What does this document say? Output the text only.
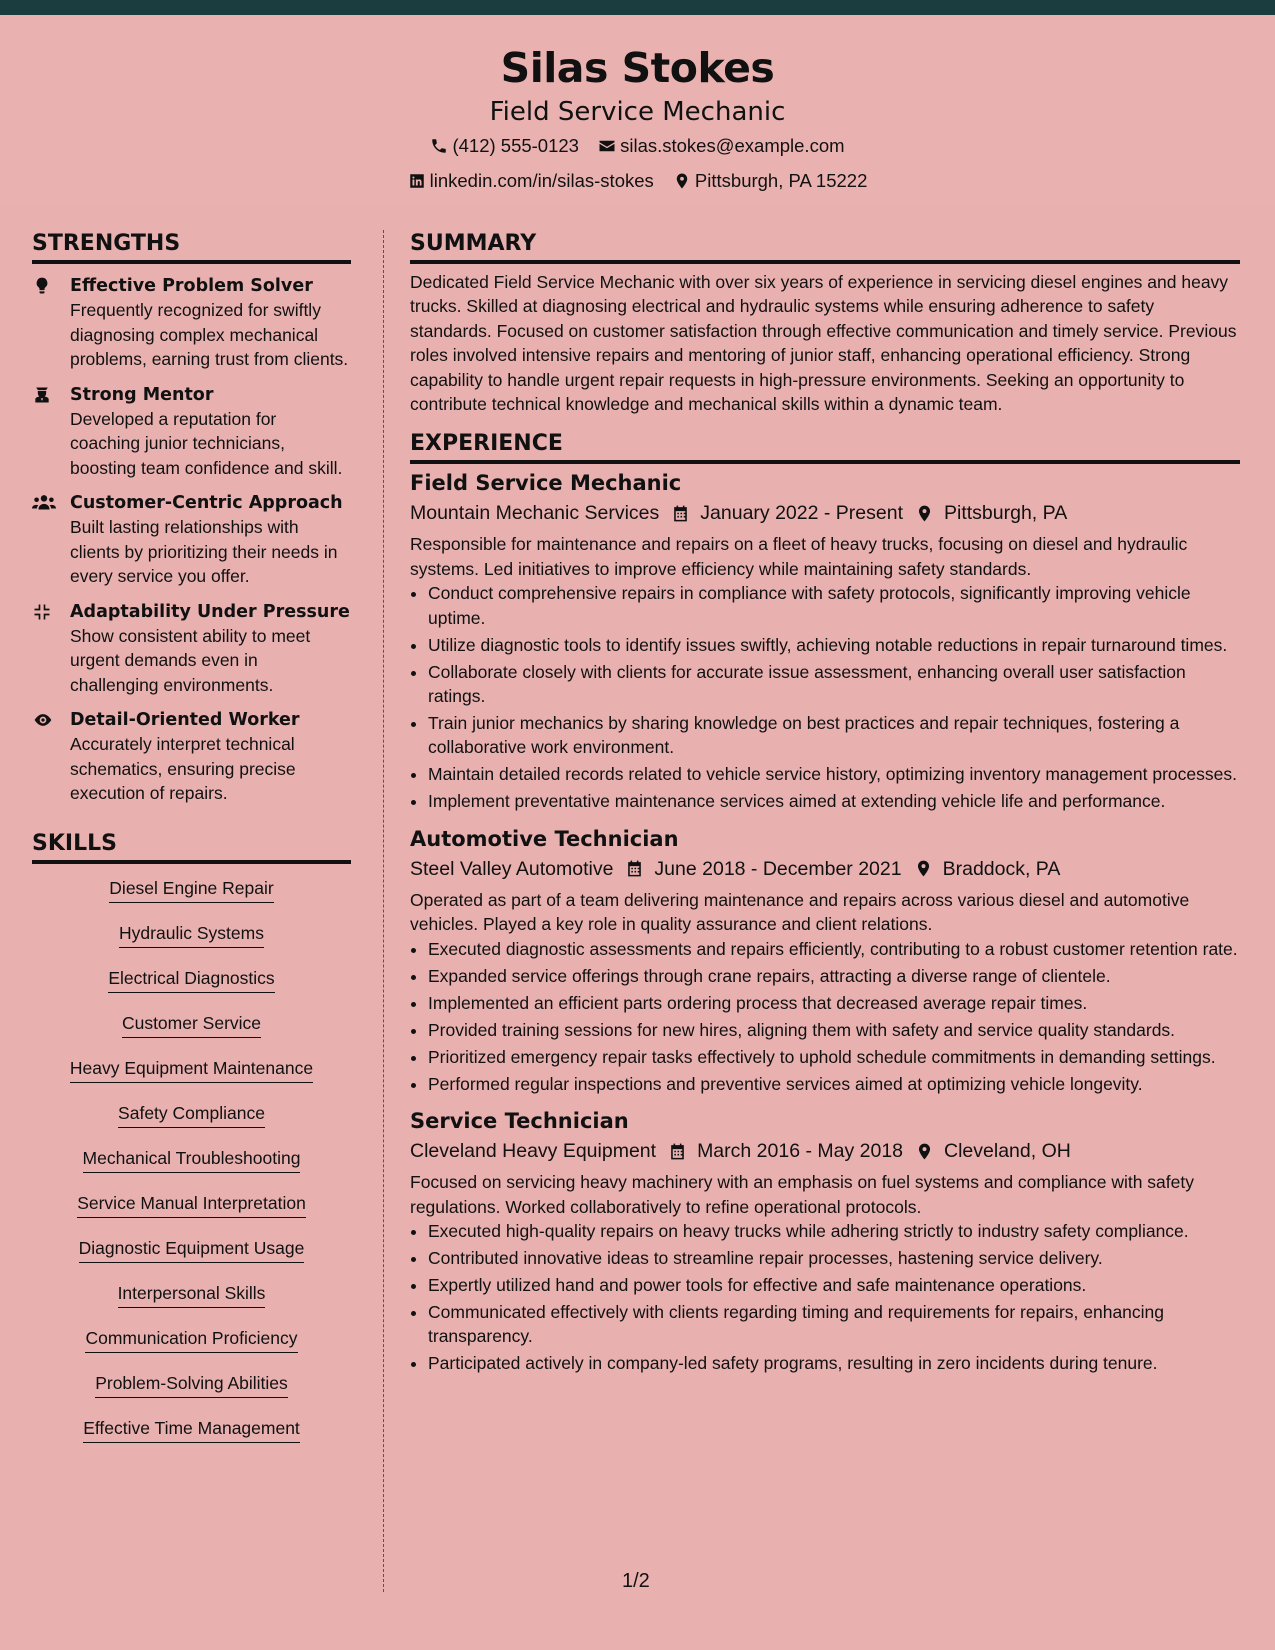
Silas Stokes
Field Service Mechanic
(412) 555-0123
silas.stokes@example.com
linkedin.com/in/silas-stokes
Pittsburgh, PA 15222
STRENGTHS
Effective Problem Solver
Frequently recognized for swiftly diagnosing complex mechanical problems, earning trust from clients.
Strong Mentor
Developed a reputation for coaching junior technicians, boosting team confidence and skill.
Customer-Centric Approach
Built lasting relationships with clients by prioritizing their needs in every service you offer.
Adaptability Under Pressure
Show consistent ability to meet urgent demands even in challenging environments.
Detail-Oriented Worker
Accurately interpret technical schematics, ensuring precise execution of repairs.
SKILLS
Diesel Engine Repair
Hydraulic Systems
Electrical Diagnostics
Customer Service
Heavy Equipment Maintenance
Safety Compliance
Mechanical Troubleshooting
Service Manual Interpretation
Diagnostic Equipment Usage
Interpersonal Skills
Communication Proficiency
Problem-Solving Abilities
Effective Time Management
SUMMARY
Dedicated Field Service Mechanic with over six years of experience in servicing diesel engines and heavy trucks. Skilled at diagnosing electrical and hydraulic systems while ensuring adherence to safety standards. Focused on customer satisfaction through effective communication and timely service. Previous roles involved intensive repairs and mentoring of junior staff, enhancing operational efficiency. Strong capability to handle urgent repair requests in high-pressure environments. Seeking an opportunity to contribute technical knowledge and mechanical skills within a dynamic team.
EXPERIENCE
Field Service Mechanic
Mountain Mechanic Services January 2022 - Present Pittsburgh, PA
Responsible for maintenance and repairs on a fleet of heavy trucks, focusing on diesel and hydraulic systems. Led initiatives to improve efficiency while maintaining safety standards.
• Conduct comprehensive repairs in compliance with safety protocols, significantly improving vehicle uptime.
• Utilize diagnostic tools to identify issues swiftly, achieving notable reductions in repair turnaround times.
• Collaborate closely with clients for accurate issue assessment, enhancing overall user satisfaction ratings.
• Train junior mechanics by sharing knowledge on best practices and repair techniques, fostering a collaborative work environment.
• Maintain detailed records related to vehicle service history, optimizing inventory management processes.
• Implement preventative maintenance services aimed at extending vehicle life and performance.
Automotive Technician
Steel Valley Automotive June 2018 - December 2021 Braddock, PA
Operated as part of a team delivering maintenance and repairs across various diesel and automotive vehicles. Played a key role in quality assurance and client relations.
• Executed diagnostic assessments and repairs efficiently, contributing to a robust customer retention rate.
• Expanded service offerings through crane repairs, attracting a diverse range of clientele.
• Implemented an efficient parts ordering process that decreased average repair times.
• Provided training sessions for new hires, aligning them with safety and service quality standards.
• Prioritized emergency repair tasks effectively to uphold schedule commitments in demanding settings.
• Performed regular inspections and preventive services aimed at optimizing vehicle longevity.
Service Technician
Cleveland Heavy Equipment March 2016 - May 2018 Cleveland, OH
Focused on servicing heavy machinery with an emphasis on fuel systems and compliance with safety regulations. Worked collaboratively to refine operational protocols.
• Executed high-quality repairs on heavy trucks while adhering strictly to industry safety compliance.
• Contributed innovative ideas to streamline repair processes, hastening service delivery.
• Expertly utilized hand and power tools for effective and safe maintenance operations.
• Communicated effectively with clients regarding timing and requirements for repairs, enhancing transparency.
• Participated actively in company-led safety programs, resulting in zero incidents during tenure.
1/2
